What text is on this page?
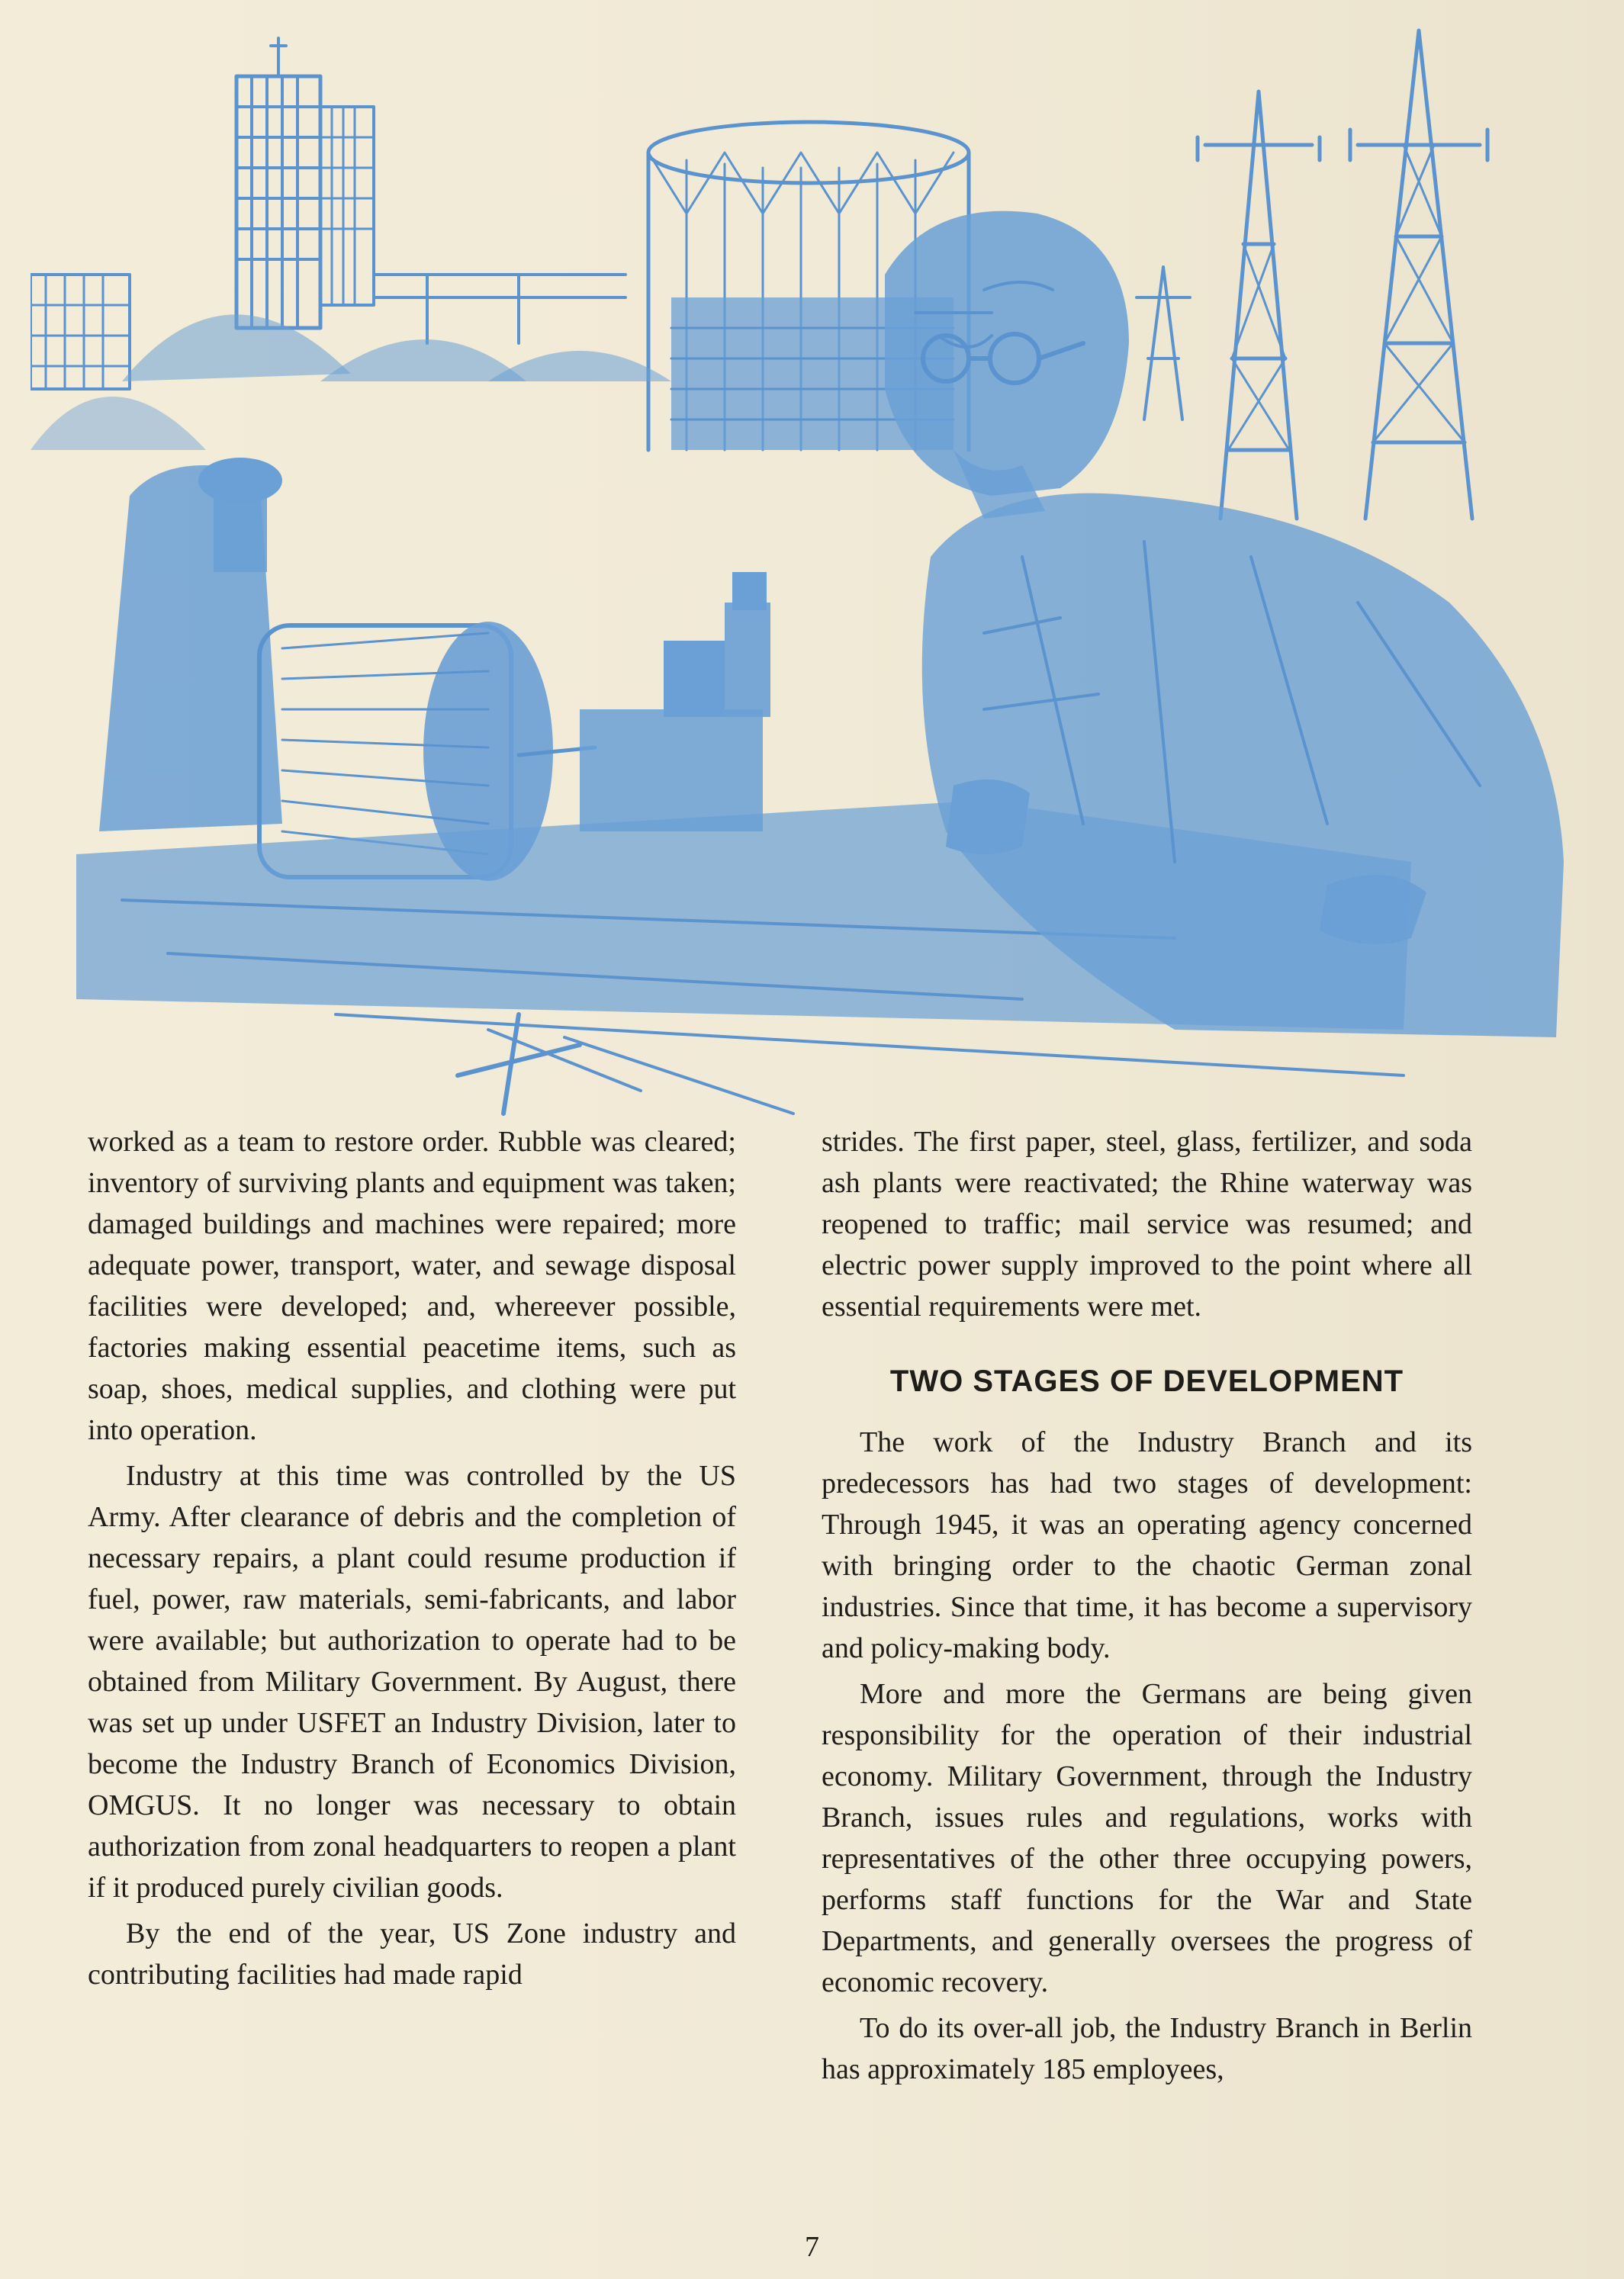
worked as a team to restore order. Rubble was cleared; inventory of surviving plants and equipment was taken; damaged buildings and machines were repaired; more adequate power, transport, water, and sewage disposal facilities were developed; and, whereever possible, factories making essential peacetime items, such as soap, shoes, medical supplies, and clothing were put into operation.

Industry at this time was controlled by the US Army. After clearance of debris and the completion of necessary repairs, a plant could resume production if fuel, power, raw materials, semi-fabricants, and labor were available; but authorization to operate had to be obtained from Military Government. By August, there was set up under USFET an Industry Division, later to become the Industry Branch of Economics Division, OMGUS. It no longer was necessary to obtain authorization from zonal headquarters to reopen a plant if it produced purely civilian goods.

By the end of the year, US Zone industry and contributing facilities had made rapid

strides. The first paper, steel, glass, fertilizer, and soda ash plants were reactivated; the Rhine waterway was reopened to traffic; mail service was resumed; and electric power supply improved to the point where all essential requirements were met.

TWO STAGES OF DEVELOPMENT

The work of the Industry Branch and its predecessors has had two stages of development: Through 1945, it was an operating agency concerned with bringing order to the chaotic German zonal industries. Since that time, it has become a supervisory and policy-making body.

More and more the Germans are being given responsibility for the operation of their industrial economy. Military Government, through the Industry Branch, issues rules and regulations, works with representatives of the other three occupying powers, performs staff functions for the War and State Departments, and generally oversees the progress of economic recovery.

To do its over-all job, the Industry Branch in Berlin has approximately 185 employees,

7
